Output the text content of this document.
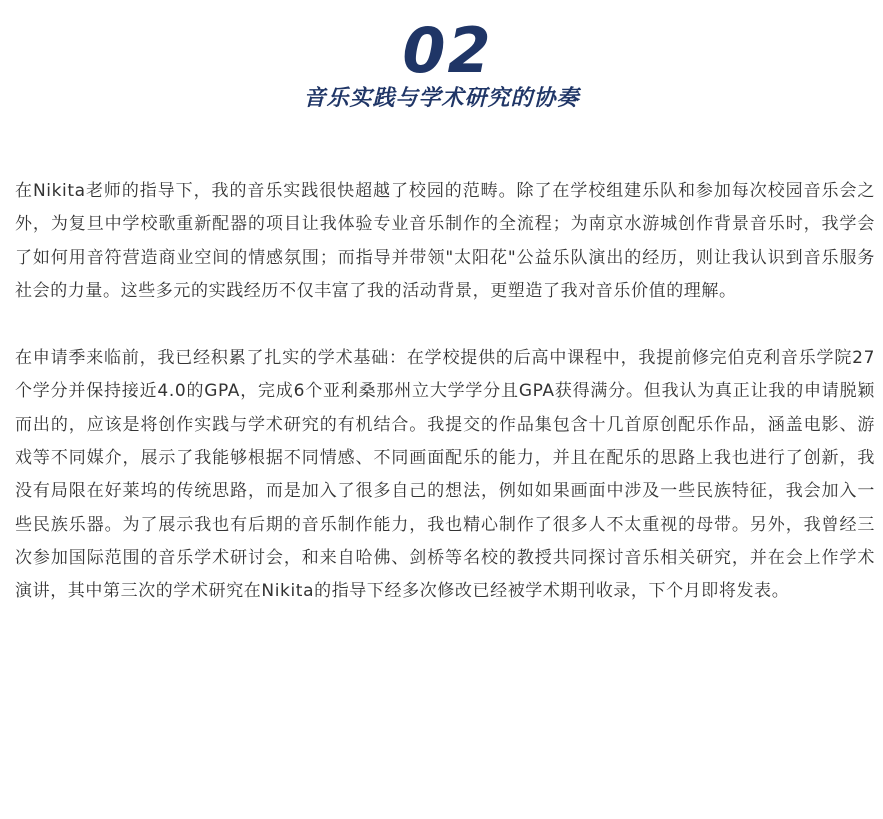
02
音乐实践与学术研究的协奏

在Nikita老师的指导下，我的音乐实践很快超越了校园的范畴。除了在学校组建乐队和参加每次校园音乐会之外，为复旦中学校歌重新配器的项目让我体验专业音乐制作的全流程；为南京水游城创作背景音乐时，我学会了如何用音符营造商业空间的情感氛围；而指导并带领"太阳花"公益乐队演出的经历，则让我认识到音乐服务社会的力量。这些多元的实践经历不仅丰富了我的活动背景，更塑造了我对音乐价值的理解。

在申请季来临前，我已经积累了扎实的学术基础：在学校提供的后高中课程中，我提前修完伯克利音乐学院27个学分并保持接近4.0的GPA，完成6个亚利桑那州立大学学分且GPA获得满分。但我认为真正让我的申请脱颖而出的，应该是将创作实践与学术研究的有机结合。我提交的作品集包含十几首原创配乐作品，涵盖电影、游戏等不同媒介，展示了我能够根据不同情感、不同画面配乐的能力，并且在配乐的思路上我也进行了创新，我没有局限在好莱坞的传统思路，而是加入了很多自己的想法，例如如果画面中涉及一些民族特征，我会加入一些民族乐器。为了展示我也有后期的音乐制作能力，我也精心制作了很多人不太重视的母带。另外，我曾经三次参加国际范围的音乐学术研讨会，和来自哈佛、剑桥等名校的教授共同探讨音乐相关研究，并在会上作学术演讲，其中第三次的学术研究在Nikita的指导下经多次修改已经被学术期刊收录，下个月即将发表。
